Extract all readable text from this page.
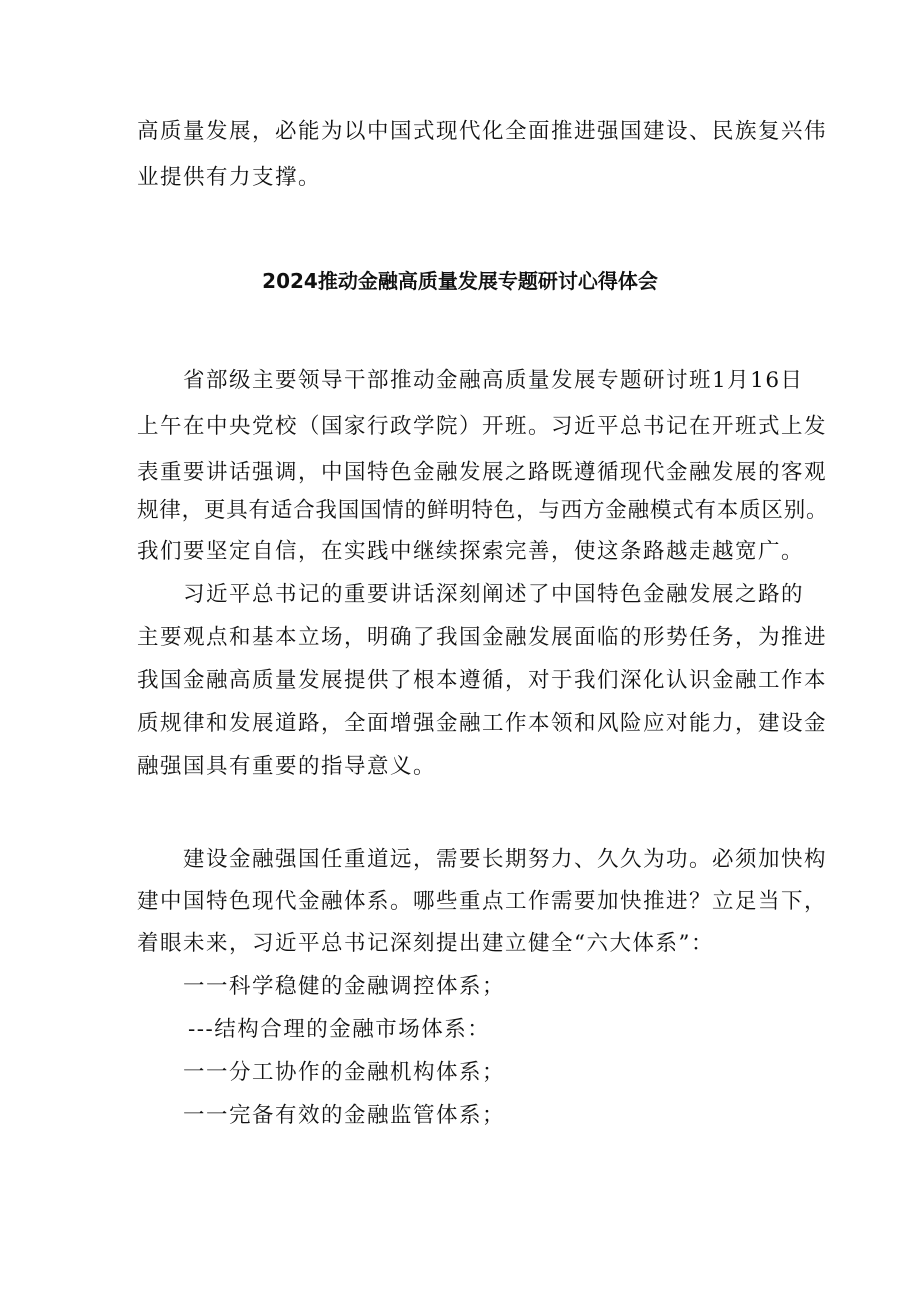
高质量发展，必能为以中国式现代化全面推进强国建设、民族复兴伟
业提供有力支撑。
2024推动金融高质量发展专题研讨心得体会
省部级主要领导干部推动金融高质量发展专题研讨班1月16日
上午在中央党校（国家行政学院）开班。习近平总书记在开班式上发
表重要讲话强调，中国特色金融发展之路既遵循现代金融发展的客观
规律，更具有适合我国国情的鲜明特色，与西方金融模式有本质区别。
我们要坚定自信，在实践中继续探索完善，使这条路越走越宽广。
习近平总书记的重要讲话深刻阐述了中国特色金融发展之路的
主要观点和基本立场，明确了我国金融发展面临的形势任务，为推进
我国金融高质量发展提供了根本遵循，对于我们深化认识金融工作本
质规律和发展道路，全面增强金融工作本领和风险应对能力，建设金
融强国具有重要的指导意义。
建设金融强国任重道远，需要长期努力、久久为功。必须加快构
建中国特色现代金融体系。哪些重点工作需要加快推进？立足当下，
着眼未来，习近平总书记深刻提出建立健全“六大体系”：
一一科学稳健的金融调控体系；
---结构合理的金融市场体系：
一一分工协作的金融机构体系；
一一完备有效的金融监管体系；
